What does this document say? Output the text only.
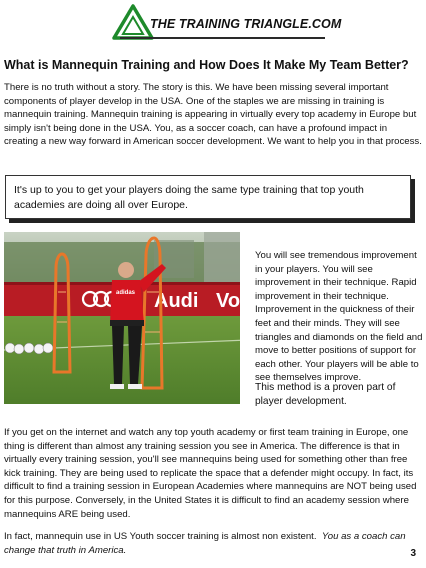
THE TRAINING TRIANGLE.COM
What is Mannequin Training and How Does It Make My Team Better?

There is no truth without a story. The story is this. We have been missing several important components of player develop in the USA. One of the staples we are missing in training is mannequin training. Mannequin training is appearing in virtually every top academy in Europe but simply isn't being done in the USA. You, as a soccer coach, can have a profound impact in creating a new way forward in American soccer development. We want to help you in that process.

It's up to you to get your players doing the same type training that top youth academies are doing all over Europe.

Audi Vo
adidas

You will see tremendous improvement in your players. You will see improvement in their technique. Rapid improvement in their technique. Improvement in the quickness of their feet and their minds. They will see triangles and diamonds on the field and move to better positions of support for each other. Your players will be able to see themselves improve.

This method is a proven part of player development.

If you get on the internet and watch any top youth academy or first team training in Europe, one thing is different than almost any training session you see in America. The difference is that in virtually every training session, you'll see mannequins being used for something other than free kick training. They are being used to replicate the space that a defender might occupy. In fact, its difficult to find a training session in European Academies where mannequins are NOT being used for this purpose. Conversely, in the United States it is difficult to find an academy session where mannequins ARE being used.

In fact, mannequin use in US Youth soccer training is almost non existent. You as a coach can change that truth in America.	3
